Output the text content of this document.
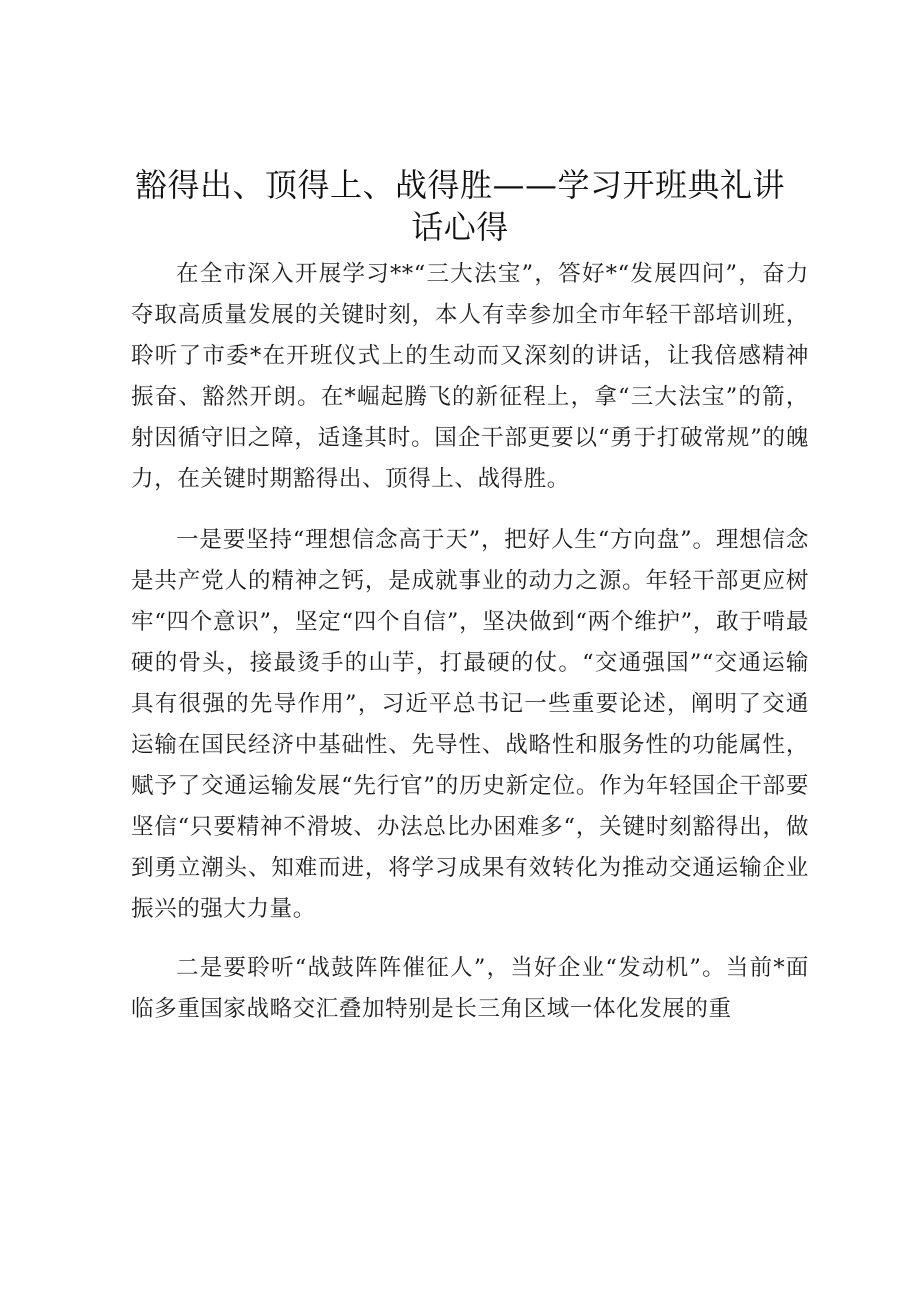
豁得出、顶得上、战得胜——学习开班典礼讲话心得

在全市深入开展学习**“三大法宝”，答好*“发展四问”，奋力夺取高质量发展的关键时刻，本人有幸参加全市年轻干部培训班，聆听了市委*在开班仪式上的生动而又深刻的讲话，让我倍感精神振奋、豁然开朗。在*崛起腾飞的新征程上，拿“三大法宝”的箭，射因循守旧之障，适逢其时。国企干部更要以“勇于打破常规”的魄力，在关键时期豁得出、顶得上、战得胜。

一是要坚持“理想信念高于天”，把好人生“方向盘”。理想信念是共产党人的精神之钙，是成就事业的动力之源。年轻干部更应树牢“四个意识”，坚定“四个自信”，坚决做到“两个维护”，敢于啃最硬的骨头，接最烫手的山芋，打最硬的仗。“交通强国”“交通运输具有很强的先导作用”，习近平总书记一些重要论述，阐明了交通运输在国民经济中基础性、先导性、战略性和服务性的功能属性，赋予了交通运输发展“先行官”的历史新定位。作为年轻国企干部要坚信“只要精神不滑坡、办法总比办困难多“，关键时刻豁得出，做到勇立潮头、知难而进，将学习成果有效转化为推动交通运输企业振兴的强大力量。

二是要聆听“战鼓阵阵催征人”，当好企业“发动机”。当前*面临多重国家战略交汇叠加特别是长三角区域一体化发展的重
